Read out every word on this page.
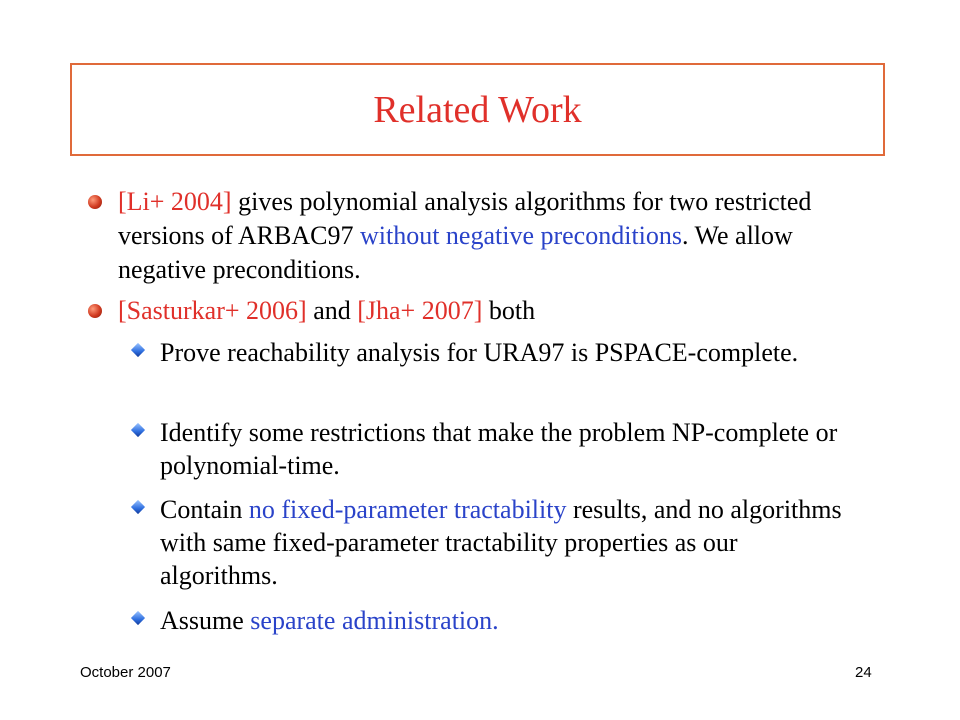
Related Work
[Li+ 2004] gives polynomial analysis algorithms for two restricted versions of ARBAC97 without negative preconditions. We allow negative preconditions.
[Sasturkar+ 2006] and [Jha+ 2007] both
Prove reachability analysis for URA97 is PSPACE-complete.
Identify some restrictions that make the problem NP-complete or polynomial-time.
Contain no fixed-parameter tractability results, and no algorithms with same fixed-parameter tractability properties as our algorithms.
Assume separate administration.
October 2007	24
